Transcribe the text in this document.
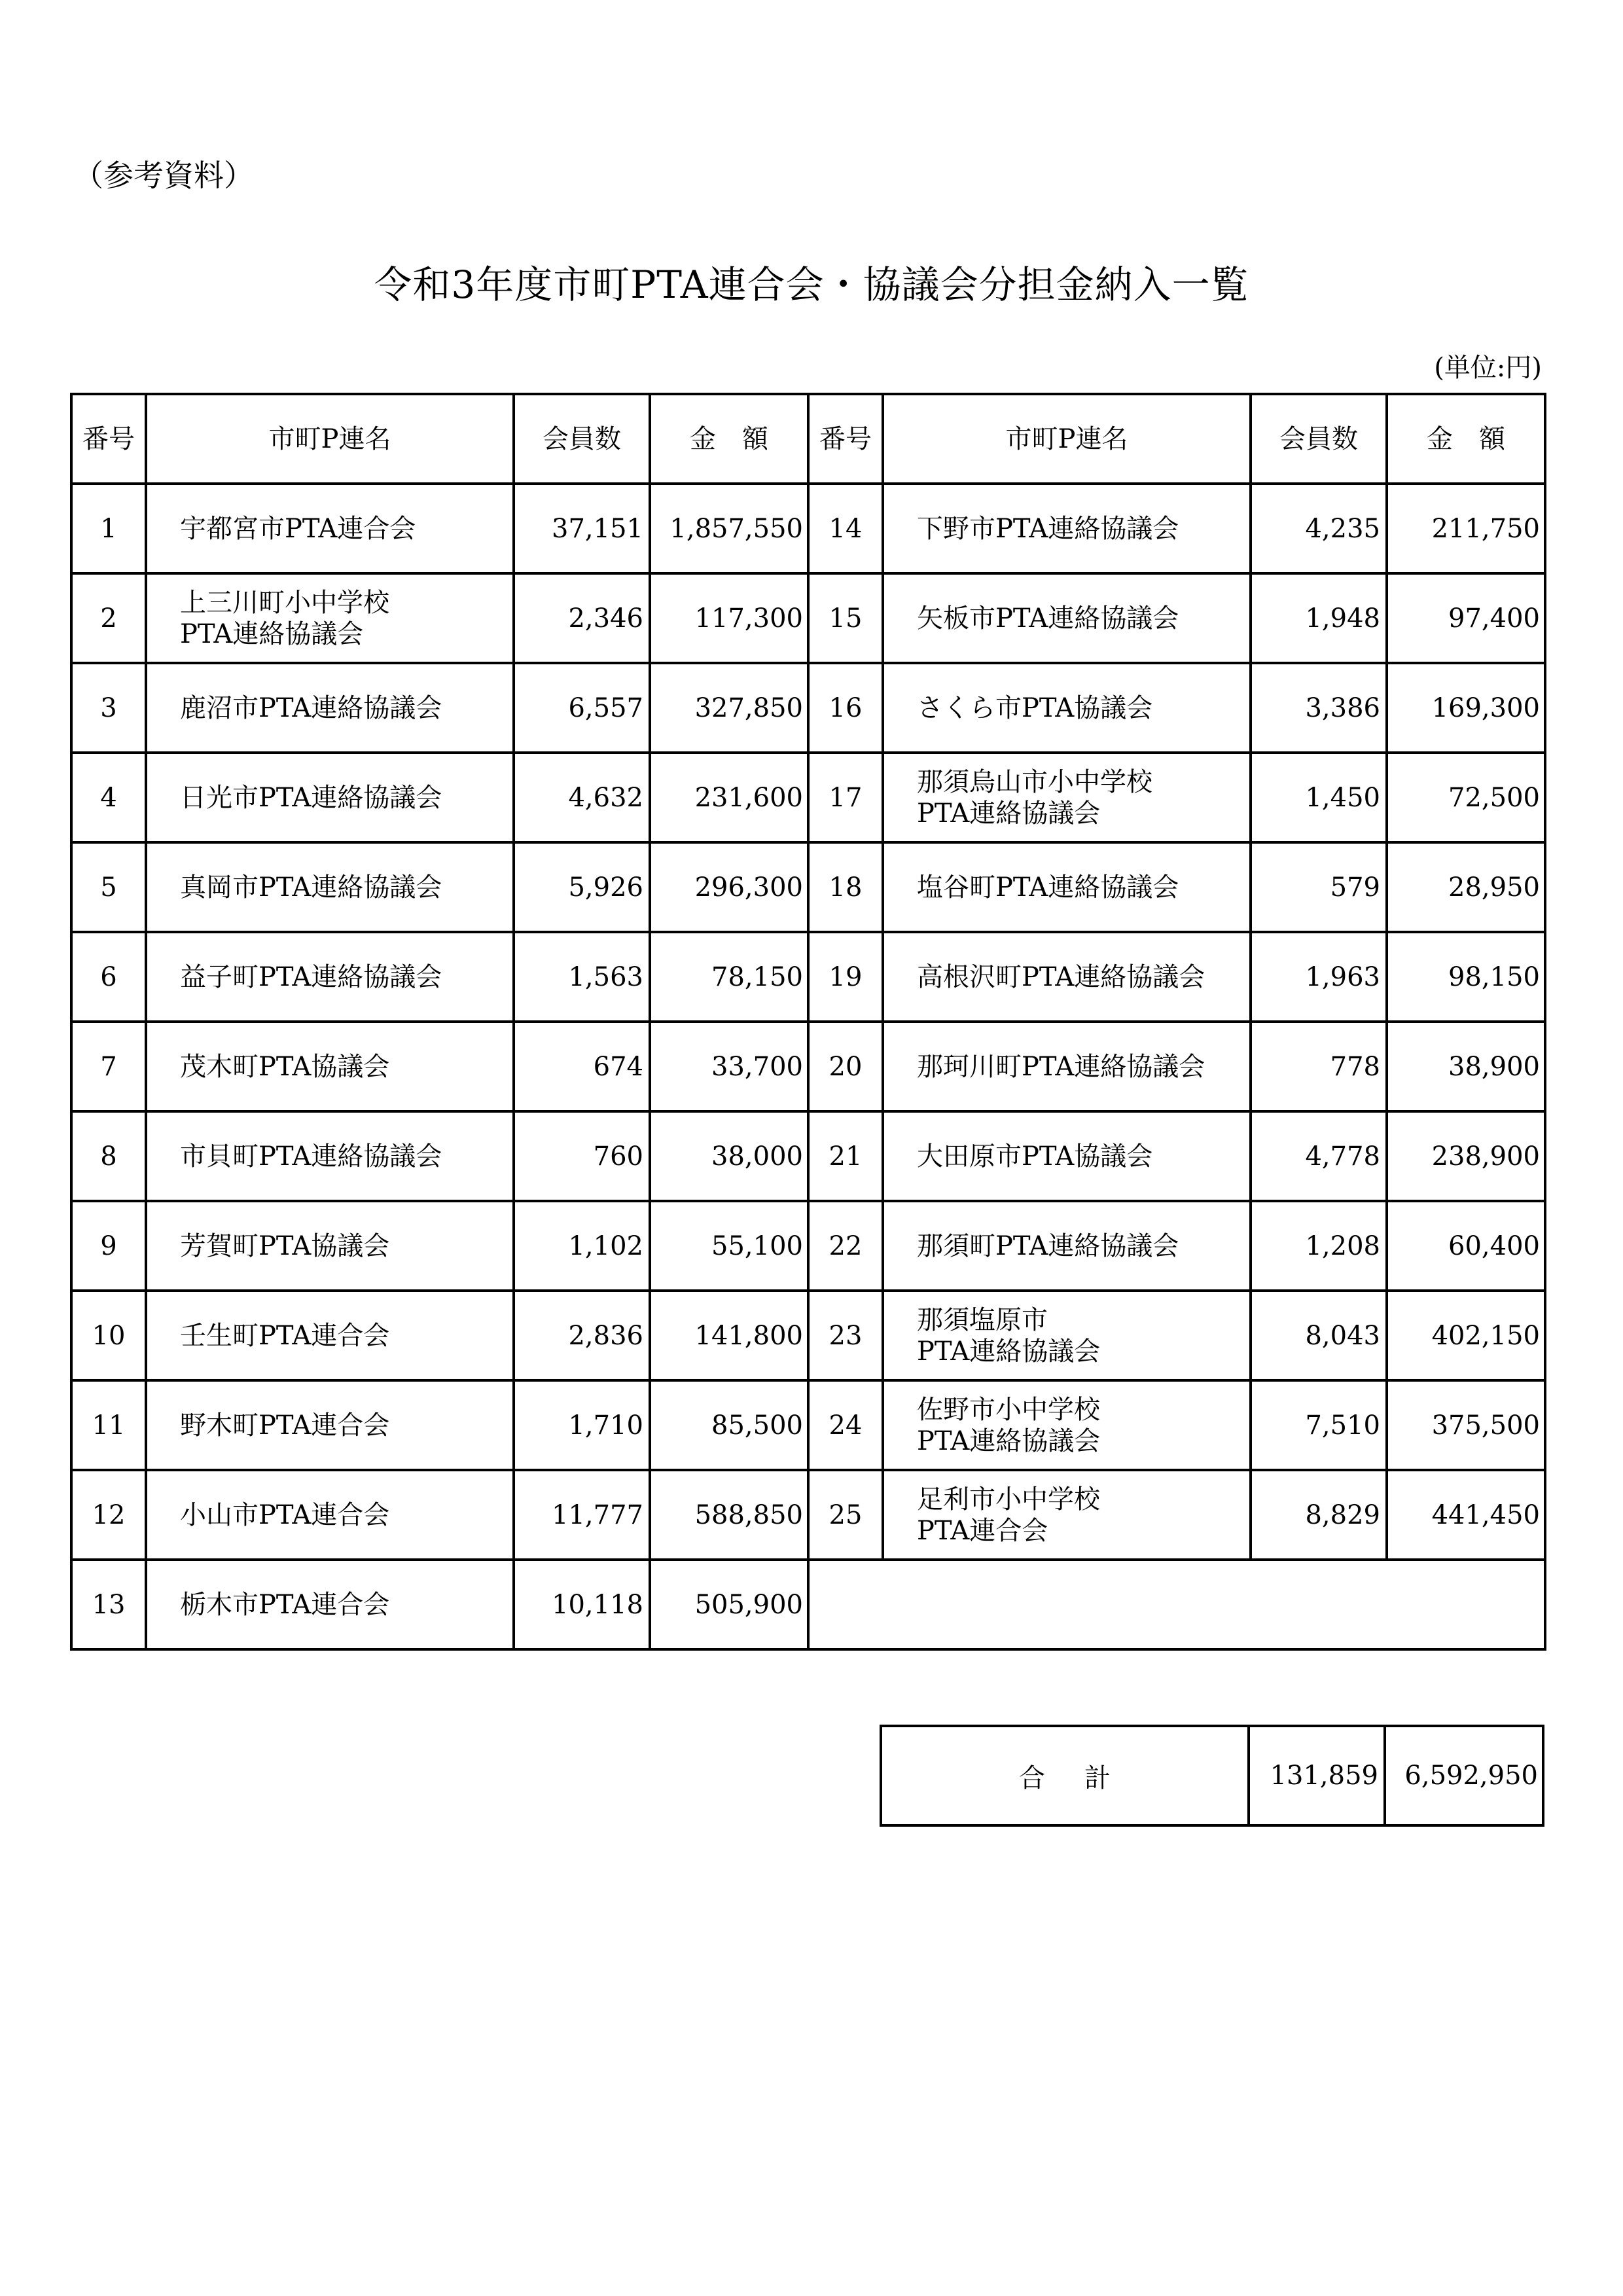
（参考資料）
令和3年度市町PTA連合会・協議会分担金納入一覧
(単位:円)
番号	市町P連名	会員数	金　額	番号	市町P連名	会員数	金　額
1	宇都宮市PTA連合会	37,151	1,857,550	14	下野市PTA連絡協議会	4,235	211,750
2	上三川町小中学校
PTA連絡協議会	2,346	117,300	15	矢板市PTA連絡協議会	1,948	97,400
3	鹿沼市PTA連絡協議会	6,557	327,850	16	さくら市PTA協議会	3,386	169,300
4	日光市PTA連絡協議会	4,632	231,600	17	那須烏山市小中学校
PTA連絡協議会	1,450	72,500
5	真岡市PTA連絡協議会	5,926	296,300	18	塩谷町PTA連絡協議会	579	28,950
6	益子町PTA連絡協議会	1,563	78,150	19	高根沢町PTA連絡協議会	1,963	98,150
7	茂木町PTA協議会	674	33,700	20	那珂川町PTA連絡協議会	778	38,900
8	市貝町PTA連絡協議会	760	38,000	21	大田原市PTA協議会	4,778	238,900
9	芳賀町PTA協議会	1,102	55,100	22	那須町PTA連絡協議会	1,208	60,400
10	壬生町PTA連合会	2,836	141,800	23	那須塩原市
PTA連絡協議会	8,043	402,150
11	野木町PTA連合会	1,710	85,500	24	佐野市小中学校
PTA連絡協議会	7,510	375,500
12	小山市PTA連合会	11,777	588,850	25	足利市小中学校
PTA連合会	8,829	441,450
13	栃木市PTA連合会	10,118	505,900				
合計	131,859	6,592,950
